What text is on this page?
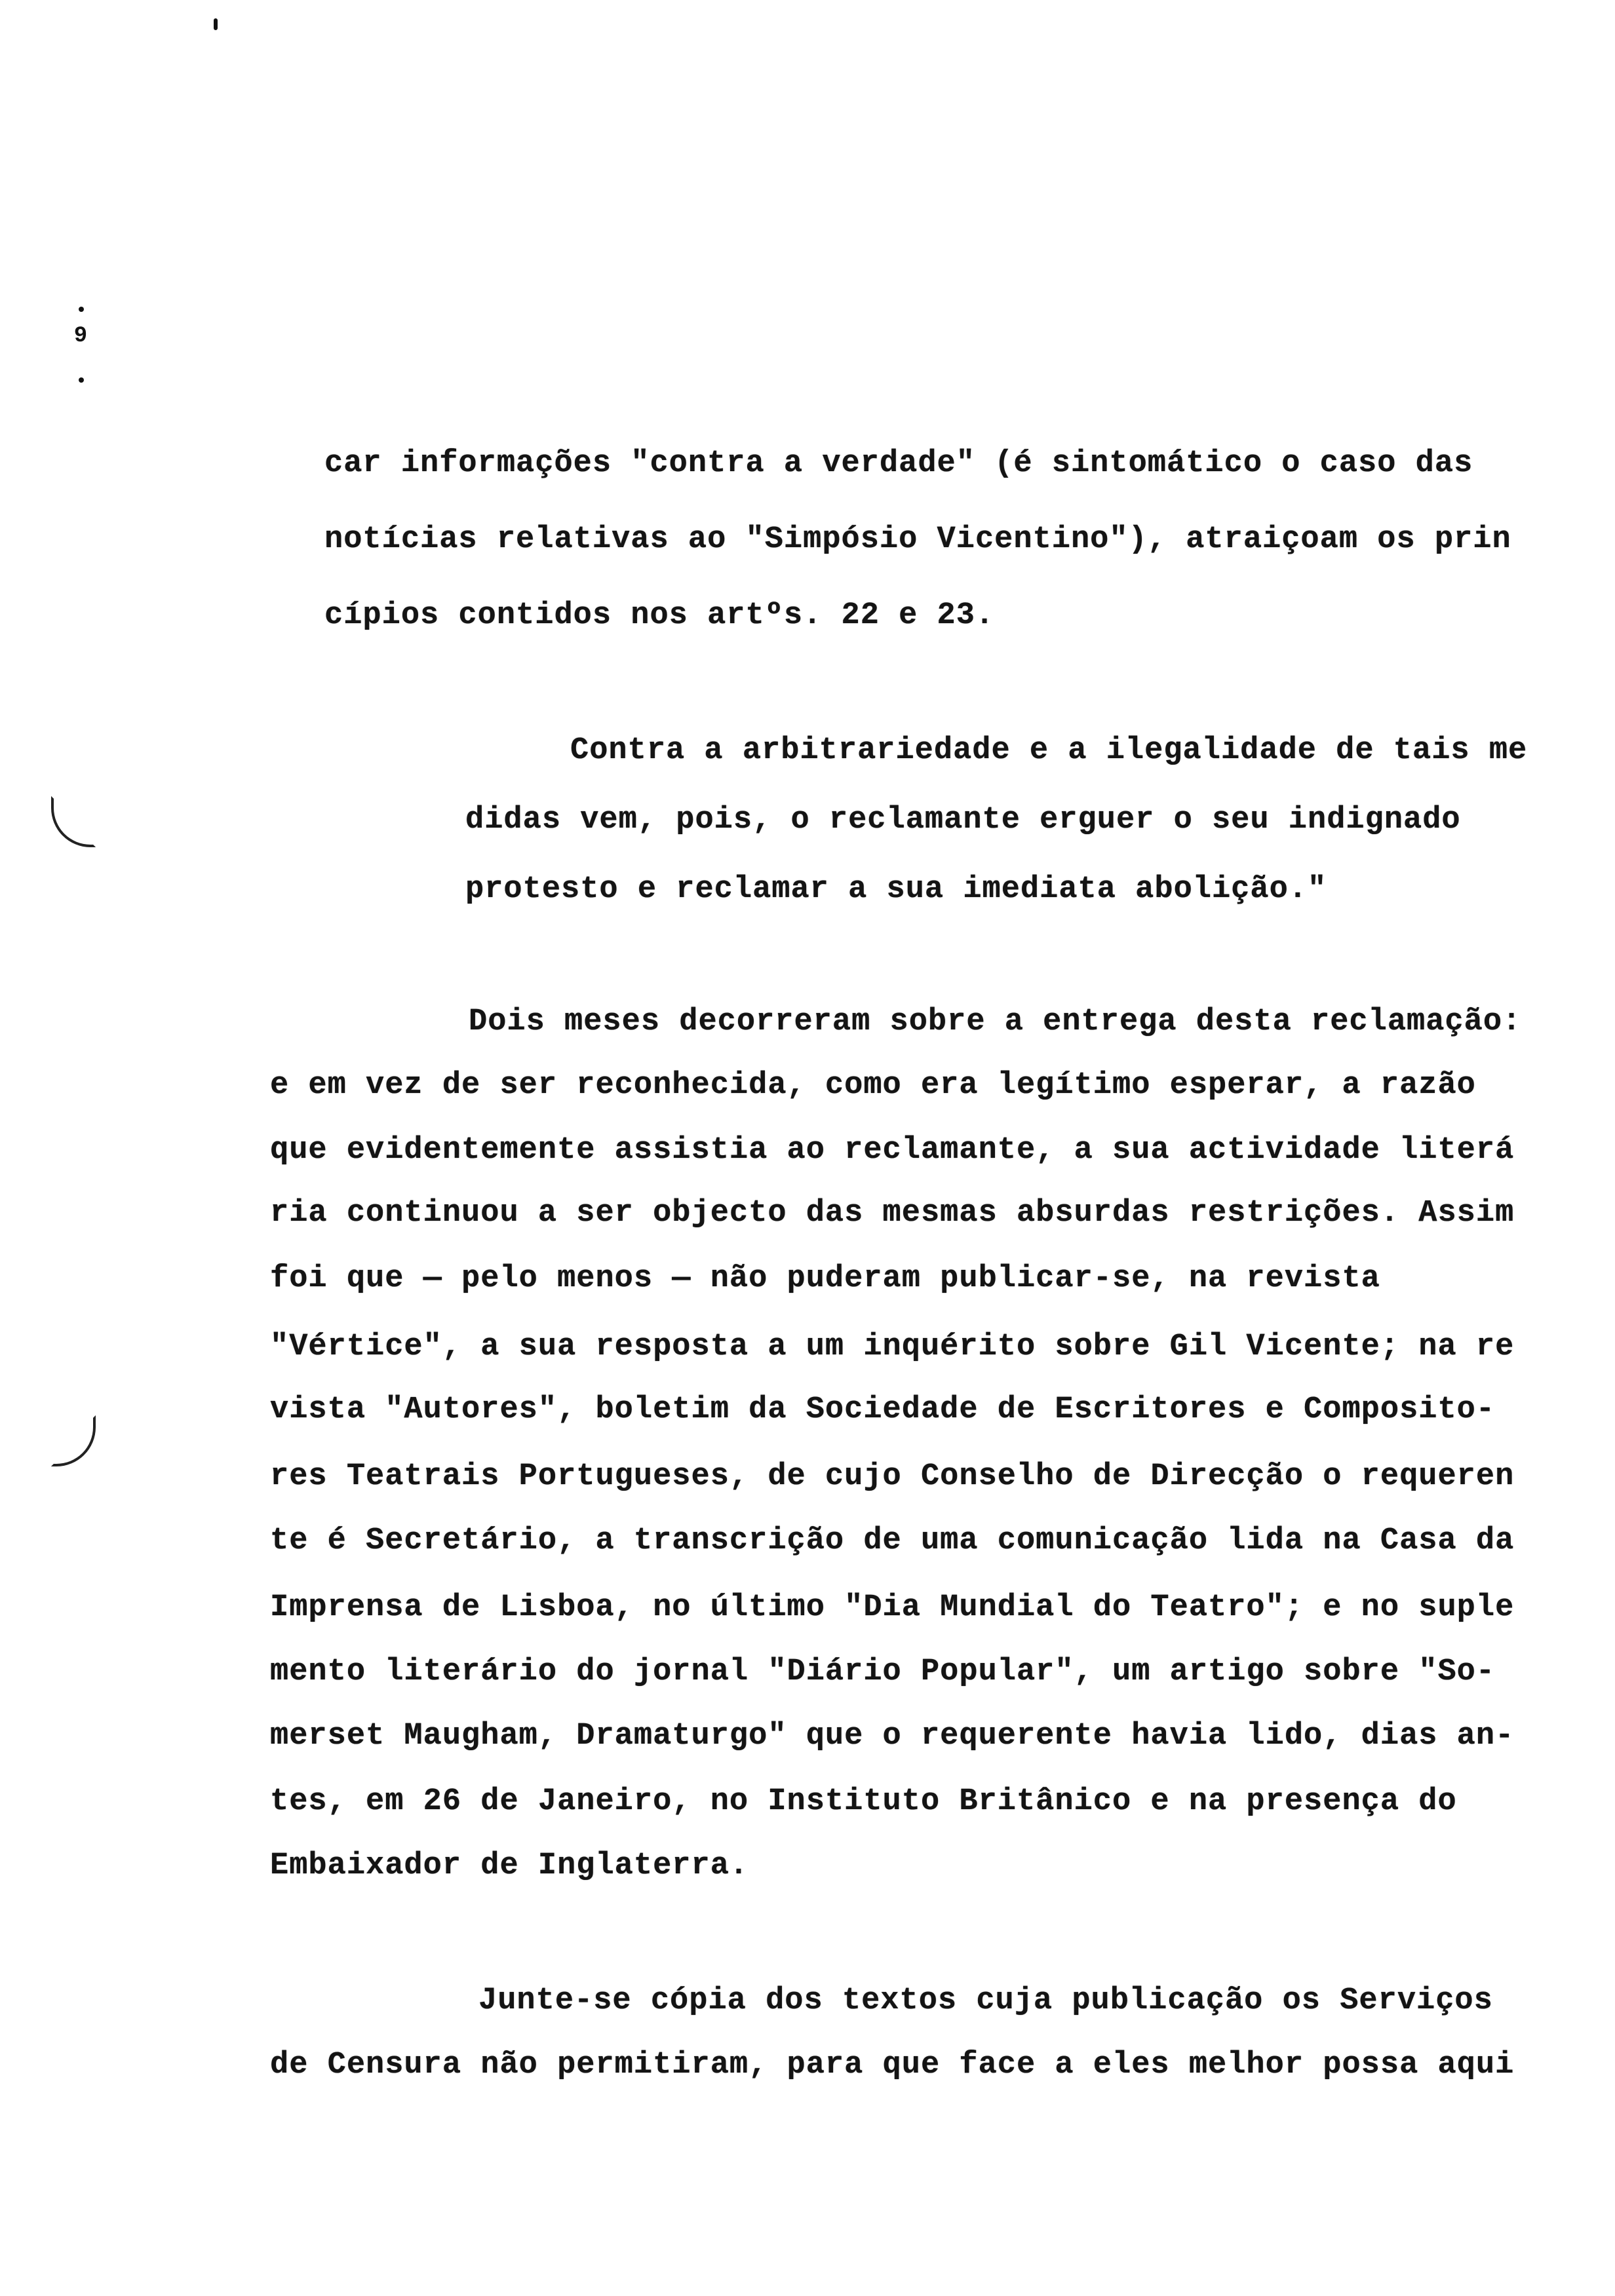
9
car informações "contra a verdade" (é sintomático o caso das
notícias relativas ao "Simpósio Vicentino"), atraiçoam os prin
cípios contidos nos artºs. 22 e 23.
Contra a arbitrariedade e a ilegalidade de tais me
didas vem, pois, o reclamante erguer o seu indignado
protesto e reclamar a sua imediata abolição."
Dois meses decorreram sobre a entrega desta reclamação:
e em vez de ser reconhecida, como era legítimo esperar, a razão
que evidentemente assistia ao reclamante, a sua actividade literá
ria continuou a ser objecto das mesmas absurdas restrições. Assim
foi que — pelo menos — não puderam publicar-se, na revista
"Vértice", a sua resposta a um inquérito sobre Gil Vicente; na re
vista "Autores", boletim da Sociedade de Escritores e Composito-
res Teatrais Portugueses, de cujo Conselho de Direcção o requeren
te é Secretário, a transcrição de uma comunicação lida na Casa da
Imprensa de Lisboa, no último "Dia Mundial do Teatro"; e no suple
mento literário do jornal "Diário Popular", um artigo sobre "So-
merset Maugham, Dramaturgo" que o requerente havia lido, dias an-
tes, em 26 de Janeiro, no Instituto Britânico e na presença do
Embaixador de Inglaterra.
Junte-se cópia dos textos cuja publicação os Serviços
de Censura não permitiram, para que face a eles melhor possa aqui
